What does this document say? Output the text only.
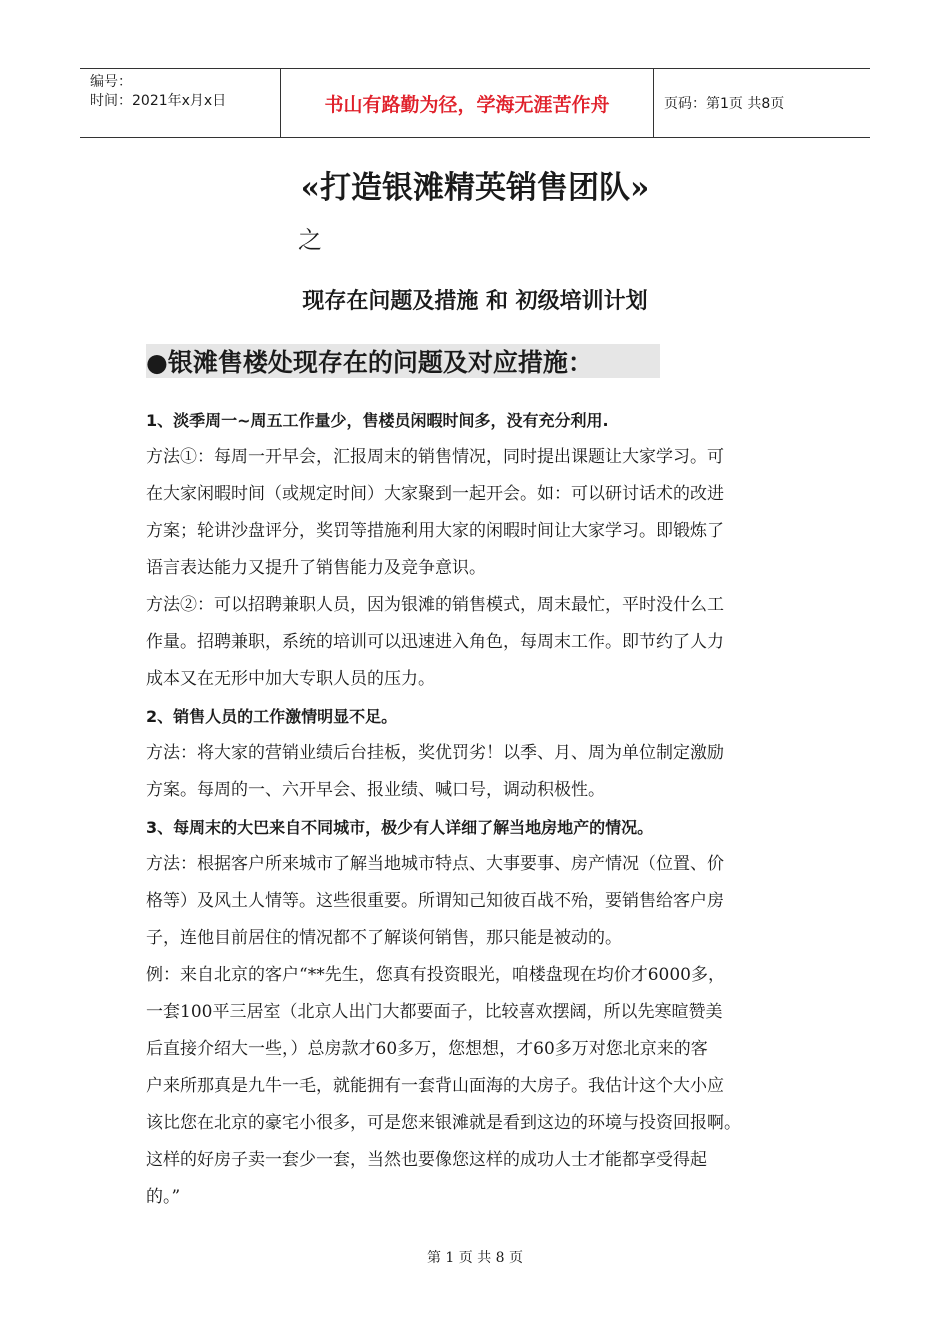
编号：
时间：2021年x月x日	书山有路勤为径，学海无涯苦作舟	页码：第1页 共8页
«打造银滩精英销售团队»
之
现存在问题及措施 和 初级培训计划
●银滩售楼处现存在的问题及对应措施：
1、淡季周一~周五工作量少，售楼员闲暇时间多，没有充分利用.
方法①：每周一开早会，汇报周末的销售情况，同时提出课题让大家学习。可
在大家闲暇时间（或规定时间）大家聚到一起开会。如：可以研讨话术的改进
方案；轮讲沙盘评分，奖罚等措施利用大家的闲暇时间让大家学习。即锻炼了
语言表达能力又提升了销售能力及竞争意识。
方法②：可以招聘兼职人员，因为银滩的销售模式，周末最忙，平时没什么工
作量。招聘兼职，系统的培训可以迅速进入角色，每周末工作。即节约了人力
成本又在无形中加大专职人员的压力。
2、销售人员的工作激情明显不足。
方法：将大家的营销业绩后台挂板，奖优罚劣！以季、月、周为单位制定激励
方案。每周的一、六开早会、报业绩、喊口号，调动积极性。
3、每周末的大巴来自不同城市，极少有人详细了解当地房地产的情况。
方法：根据客户所来城市了解当地城市特点、大事要事、房产情况（位置、价
格等）及风土人情等。这些很重要。所谓知己知彼百战不殆，要销售给客户房
子，连他目前居住的情况都不了解谈何销售，那只能是被动的。
例：来自北京的客户“**先生，您真有投资眼光，咱楼盘现在均价才6000多，
一套100平三居室（北京人出门大都要面子，比较喜欢摆阔，所以先寒暄赞美
后直接介绍大一些，）总房款才60多万，您想想，才60多万对您北京来的客
户来所那真是九牛一毛，就能拥有一套背山面海的大房子。我估计这个大小应
该比您在北京的豪宅小很多，可是您来银滩就是看到这边的环境与投资回报啊。
这样的好房子卖一套少一套，当然也要像您这样的成功人士才能都享受得起
的。”
第 1 页 共 8 页
